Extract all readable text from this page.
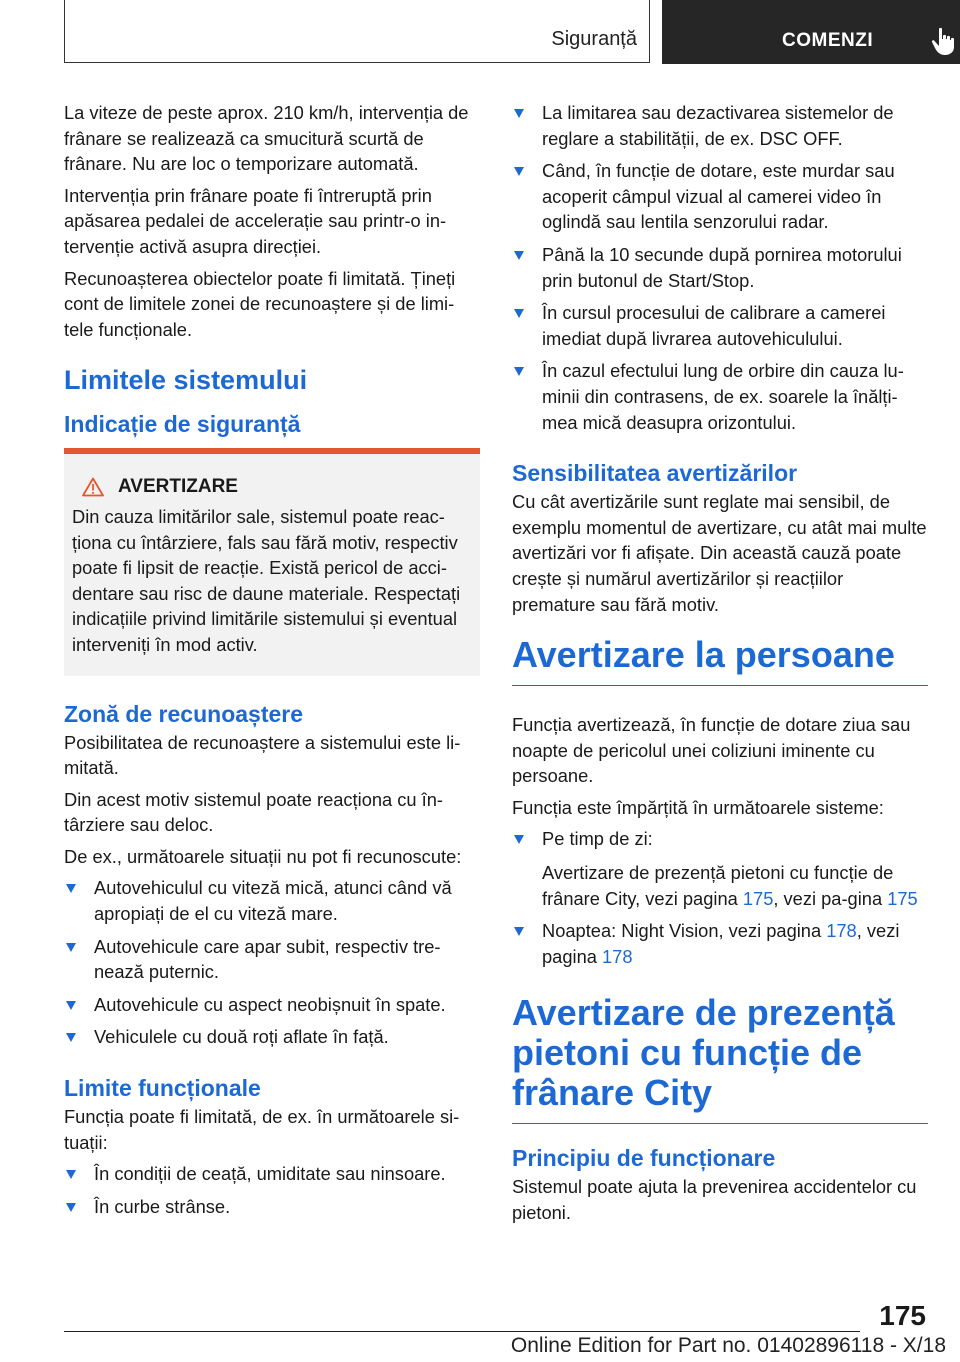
Siguranță	COMENZI

La viteze de peste aprox. 210 km/h, intervenția de frânare se realizează ca smucitură scurtă de frânare. Nu are loc o temporizare automată.

Intervenția prin frânare poate fi întreruptă prin apăsarea pedalei de accelerație sau printr-o in‐tervenție activă asupra direcției.

Recunoașterea obiectelor poate fi limitată. Țineți cont de limitele zonei de recunoaștere și de limi‐tele funcționale.

Limitele sistemului
Indicație de siguranță
AVERTIZARE
Din cauza limitărilor sale, sistemul poate reac‐ționa cu întârziere, fals sau fără motiv, respectiv poate fi lipsit de reacție. Există pericol de acci‐dentare sau risc de daune materiale. Respectați indicațiile privind limitările sistemului și eventual interveniți în mod activ.
Zonă de recunoaștere

Posibilitatea de recunoaștere a sistemului este li‐mitată.

Din acest motiv sistemul poate reacționa cu în‐târziere sau deloc.

De ex., următoarele situații nu pot fi recunoscute:

Autovehiculul cu viteză mică, atunci când vă apropiați de el cu viteză mare.
Autovehicule care apar subit, respectiv tre‐nează puternic.
Autovehicule cu aspect neobișnuit în spate.
Vehiculele cu două roți aflate în față.
Limite funcționale

Funcția poate fi limitată, de ex. în următoarele si‐tuații:

În condiții de ceață, umiditate sau ninsoare.
În curbe strânse.
La limitarea sau dezactivarea sistemelor de reglare a stabilității, de ex. DSC OFF.
Când, în funcție de dotare, este murdar sau acoperit câmpul vizual al camerei video în oglindă sau lentila senzorului radar.
Până la 10 secunde după pornirea motorului prin butonul de Start/Stop.
În cursul procesului de calibrare a camerei imediat după livrarea autovehiculului.
În cazul efectului lung de orbire din cauza lu‐minii din contrasens, de ex. soarele la înălți‐mea mică deasupra orizontului.
Sensibilitatea avertizărilor

Cu cât avertizările sunt reglate mai sensibil, de exemplu momentul de avertizare, cu atât mai multe avertizări vor fi afișate. Din această cauză poate crește și numărul avertizărilor și reacțiilor premature sau fără motiv.

Avertizare la persoane

Funcția avertizează, în funcție de dotare ziua sau noapte de pericolul unei coliziuni iminente cu persoane.

Funcția este împărțită în următoarele sisteme:

Pe timp de zi:
Avertizare de prezență pietoni cu funcție de frânare City, vezi pagina 175, vezi pa‐gina 175
Noaptea: Night Vision, vezi pagina 178, vezi pagina 178
Avertizare de prezență pietoni cu funcție de frânare City
Principiu de funcționare

Sistemul poate ajuta la prevenirea accidentelor cu pietoni.

175
Online Edition for Part no. 01402896118 - X/18
